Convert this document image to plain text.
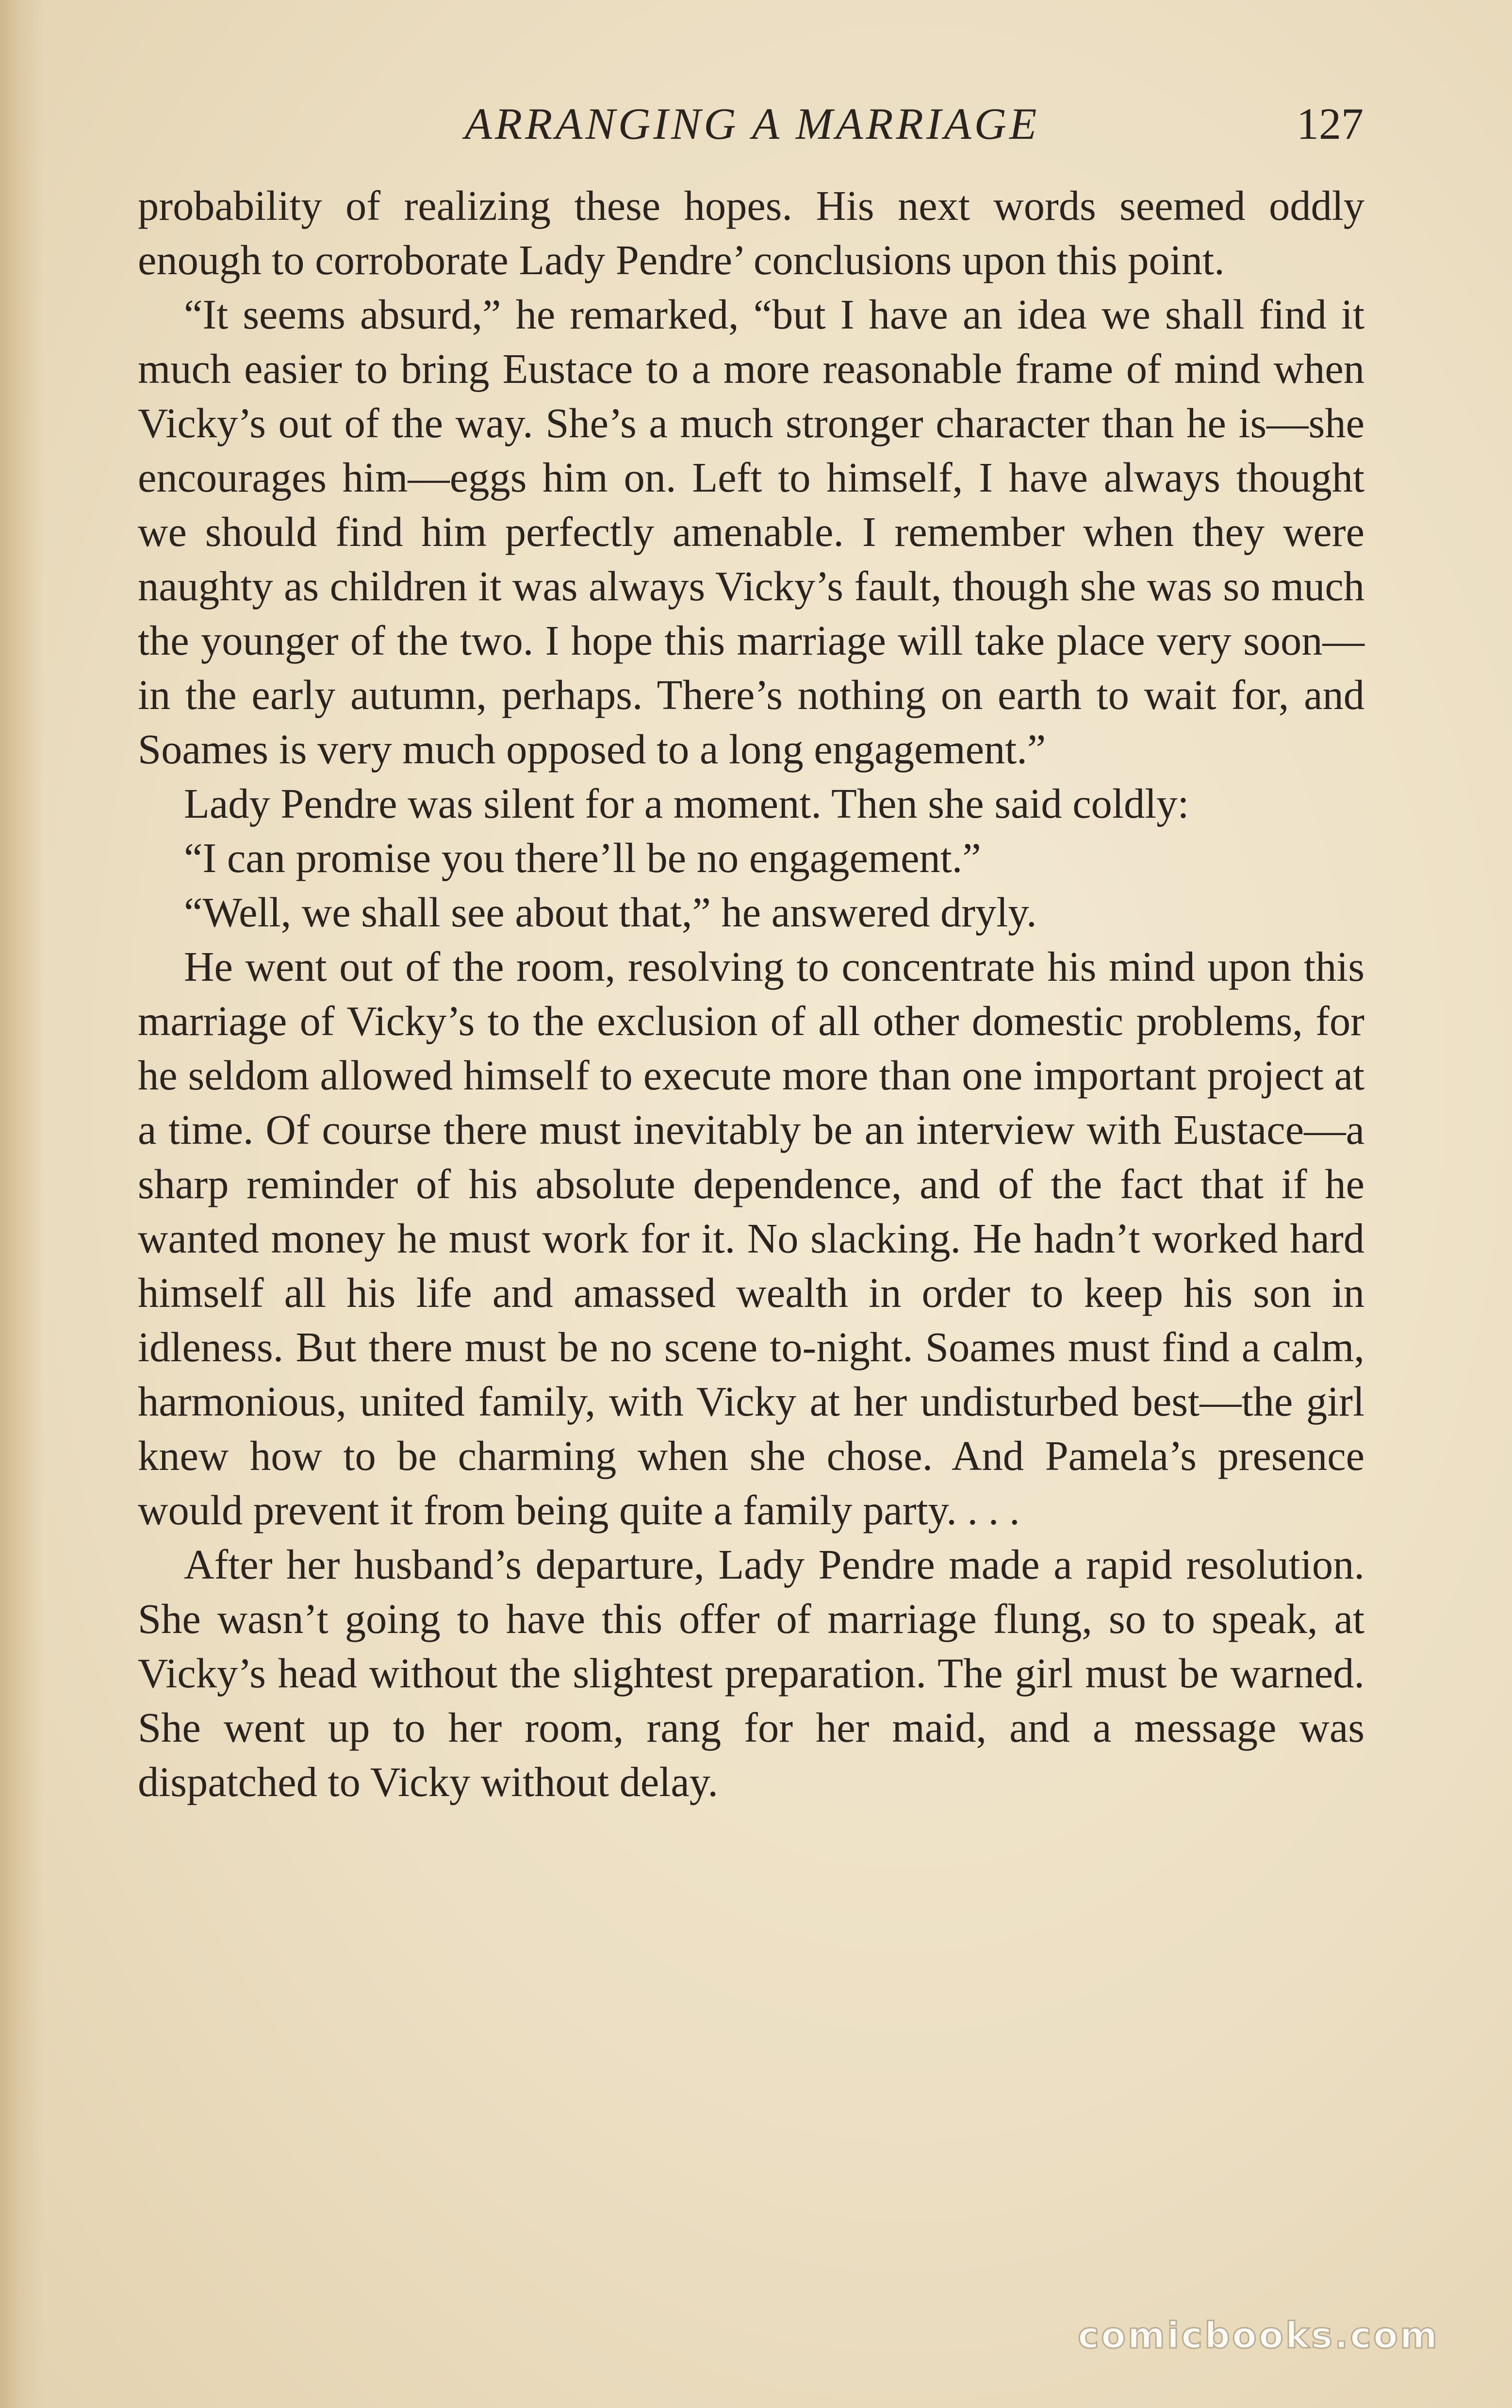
ARRANGING A MARRIAGE	127

probability of realizing these hopes. His next words seemed oddly enough to corroborate Lady Pendre’ conclusions upon this point.

“It seems absurd,” he remarked, “but I have an idea we shall find it much easier to bring Eustace to a more reasonable frame of mind when Vicky’s out of the way. She’s a much stronger character than he is—she encourages him—eggs him on. Left to himself, I have always thought we should find him perfectly amenable. I remember when they were naughty as children it was always Vicky’s fault, though she was so much the younger of the two. I hope this marriage will take place very soon—in the early autumn, perhaps. There’s nothing on earth to wait for, and Soames is very much opposed to a long engagement.”

Lady Pendre was silent for a moment. Then she said coldly:

“I can promise you there’ll be no engagement.”

“Well, we shall see about that,” he answered dryly.

He went out of the room, resolving to concentrate his mind upon this marriage of Vicky’s to the exclusion of all other domestic problems, for he seldom allowed himself to execute more than one important project at a time. Of course there must inevitably be an interview with Eustace—a sharp reminder of his absolute dependence, and of the fact that if he wanted money he must work for it. No slacking. He hadn’t worked hard himself all his life and amassed wealth in order to keep his son in idleness. But there must be no scene to-night. Soames must find a calm, harmonious, united family, with Vicky at her undisturbed best—the girl knew how to be charming when she chose. And Pamela’s presence would prevent it from being quite a family party. . . .

After her husband’s departure, Lady Pendre made a rapid resolution. She wasn’t going to have this offer of marriage flung, so to speak, at Vicky’s head without the slightest preparation. The girl must be warned. She went up to her room, rang for her maid, and a message was dispatched to Vicky without delay.

comicbooks.com
